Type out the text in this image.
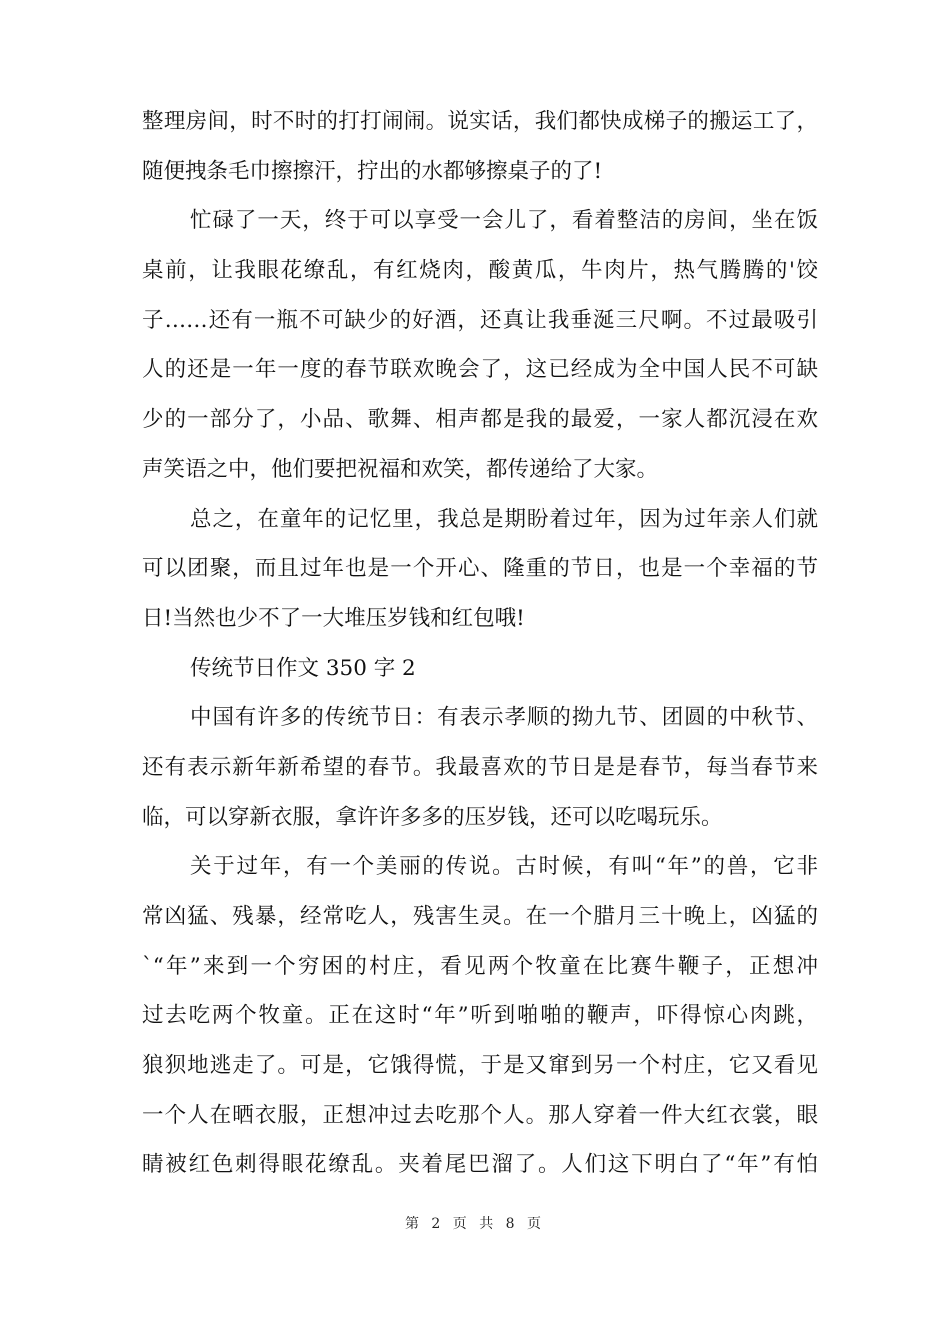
整理房间，时不时的打打闹闹。说实话，我们都快成梯子的搬运工了，
随便拽条毛巾擦擦汗，拧出的水都够擦桌子的了!
忙碌了一天，终于可以享受一会儿了，看着整洁的房间，坐在饭
桌前，让我眼花缭乱，有红烧肉，酸黄瓜，牛肉片，热气腾腾的'饺
子……还有一瓶不可缺少的好酒，还真让我垂涎三尺啊。不过最吸引
人的还是一年一度的春节联欢晚会了，这已经成为全中国人民不可缺
少的一部分了，小品、歌舞、相声都是我的最爱，一家人都沉浸在欢
声笑语之中，他们要把祝福和欢笑，都传递给了大家。
总之，在童年的记忆里，我总是期盼着过年，因为过年亲人们就
可以团聚，而且过年也是一个开心、隆重的节日，也是一个幸福的节
日!当然也少不了一大堆压岁钱和红包哦!
传统节日作文 350 字 2
中国有许多的传统节日：有表示孝顺的拗九节、团圆的中秋节、
还有表示新年新希望的春节。我最喜欢的节日是是春节，每当春节来
临，可以穿新衣服，拿许许多多的压岁钱，还可以吃喝玩乐。
关于过年，有一个美丽的传说。古时候，有叫“年”的兽，它非
常凶猛、残暴，经常吃人，残害生灵。在一个腊月三十晚上，凶猛的
`“年”来到一个穷困的村庄，看见两个牧童在比赛牛鞭子，正想冲
过去吃两个牧童。正在这时“年”听到啪啪的鞭声，吓得惊心肉跳，
狼狈地逃走了。可是，它饿得慌，于是又窜到另一个村庄，它又看见
一个人在晒衣服，正想冲过去吃那个人。那人穿着一件大红衣裳，眼
睛被红色刺得眼花缭乱。夹着尾巴溜了。人们这下明白了“年”有怕
第 2 页 共 8 页
